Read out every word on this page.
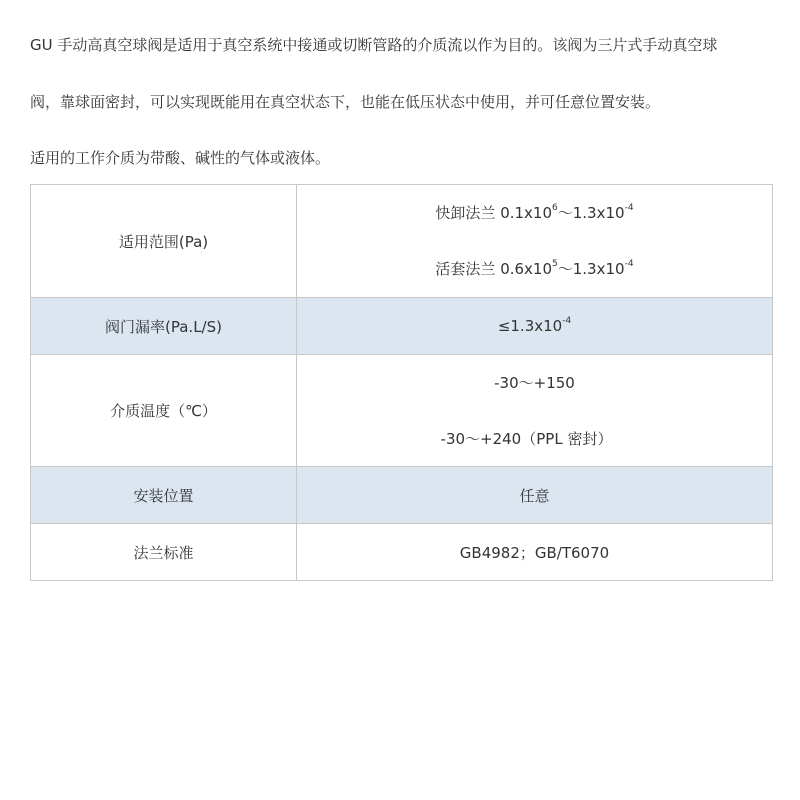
GU 手动高真空球阀是适用于真空系统中接通或切断管路的介质流以作为目的。该阀为三片式手动真空球

阀，靠球面密封，可以实现既能用在真空状态下，也能在低压状态中使用，并可任意位置安装。

适用的工作介质为带酸、碱性的气体或液体。

适用范围(Pa)	快卸法兰 $0.1x10^6\sim 1.3x10^{-4}$
活套法兰 $0.6x10^5\sim 1.3x10^{-4}$

阀门漏率(Pa.L/S)	$\le 1.3x10^{-4}$
介质温度（℃）	-30～+150
-30～+240（PPL 密封）

安装位置	任意
法兰标准	GB4982；GB/T6070
